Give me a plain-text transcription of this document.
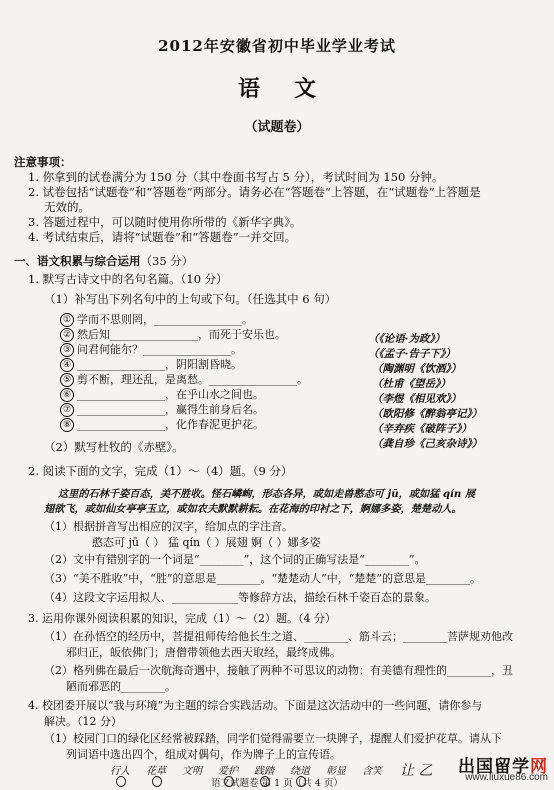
2012年安徽省初中毕业学业考试
语文
（试题卷）
注意事项：
1. 你拿到的试卷满分为 150 分（其中卷面书写占 5 分），考试时间为 150 分钟。
2. 试卷包括“试题卷”和“答题卷”两部分。请务必在“答题卷”上答题，在“试题卷”上答题是
无效的。
3. 答题过程中，可以随时使用你所带的《新华字典》。
4. 考试结束后，请将“试题卷”和“答题卷”一并交回。
一、语文积累与综合运用（35 分）
1. 默写古诗文中的名句名篇。（10 分）
（1）补写出下列名句中的上句或下句。（任选其中 6 句）
① 学而不思则罔，________________。
② 然后知________________，而死于安乐也。
③ 问君何能尔？________________。
④ ________________，阴阳割昏晓。
⑤ 剪不断，理还乱，是离愁。________________。
⑥ ________________，在乎山水之间也。
⑦ ________________，赢得生前身后名。
⑧ ________________，化作春泥更护花。
（《论语·为政》）
（《孟子·告子下》）
（陶渊明《饮酒》）
（杜甫《望岳》）
（李煜《相见欢》）
（欧阳修《醉翁亭记》）
（辛弃疾《破阵子》）
（龚自珍《己亥杂诗》）
（2）默写杜牧的《赤壁》。
2. 阅读下面的文字，完成（1）～（4）题。（9 分）
这里的石林千姿百态，美不胜收。怪石嶙峋，形态各异，或如走兽憨态可 jū，或如猛 qín 展
翅欲飞，或如仙女亭亭玉立，或如农夫默默耕耘。在花海的印衬之下，婀娜多姿，楚楚动人。
（1）根据拼音写出相应的汉字，给加点的字注音。
憨态可 jū（ ） 猛 qín（ ）展翅 婀（ ）娜多姿
（2）文中有错别字的一个词是“________”，这个词的正确写法是“________”。
（3）“美不胜收”中，“胜”的意思是________。“楚楚动人”中，“楚楚”的意思是________。
（4）这段文字运用拟人、____________等修辞方法，描绘石林千姿百态的景象。
3. 运用你课外阅读积累的知识，完成（1）～（2）题。（4 分）
（1）在孙悟空的经历中，菩提祖师传给他长生之道、________、筋斗云；________菩萨规劝他改
邪归正，皈依佛门；唐僧带领他去西天取经，最终成佛。
（2）格列佛在最后一次航海奇遇中，接触了两种不可思议的动物：有美德有理性的________，丑
陋而邪恶的________。
4. 校团委开展以“我与环境”为主题的综合实践活动。下面是这次活动中的一些问题，请你参与
解决。（12 分）
（1）校园门口的绿化区经常被踩踏，同学们觉得需要立一块牌子，提醒人们爱护花草。请从下
列词语中选出四个，组成对偶句，作为牌子上的宣传语。
行人 花草 文明 爱护 践踏 绕道 彰显 含笑 让 乙
语文试题卷 第 1 页（共 4 页）
出国留学网
www.liuxue86.com
